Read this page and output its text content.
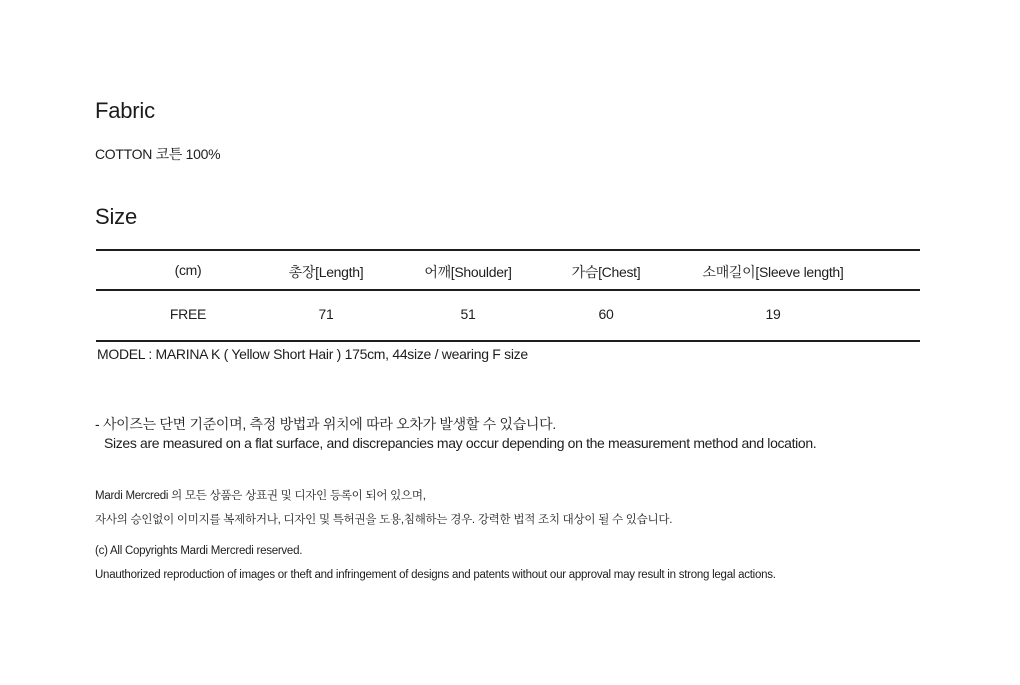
Fabric
COTTON 코튼 100%
Size
(cm)	총장[Length]	어깨[Shoulder]	가슴[Chest]	소매길이[Sleeve length]
FREE	71	51	60	19
MODEL : MARINA K ( Yellow Short Hair ) 175cm, 44size / wearing F size
- 사이즈는 단면 기준이며, 측정 방법과 위치에 따라 오차가 발생할 수 있습니다.
Sizes are measured on a flat surface, and discrepancies may occur depending on the measurement method and location.
Mardi Mercredi 의 모든 상품은 상표권 및 디자인 등록이 되어 있으며,
자사의 승인없이 이미지를 복제하거나, 디자인 및 특허권을 도용,침해하는 경우. 강력한 법적 조치 대상이 될 수 있습니다.
(c) All Copyrights Mardi Mercredi reserved.
Unauthorized reproduction of images or theft and infringement of designs and patents without our approval may result in strong legal actions.
